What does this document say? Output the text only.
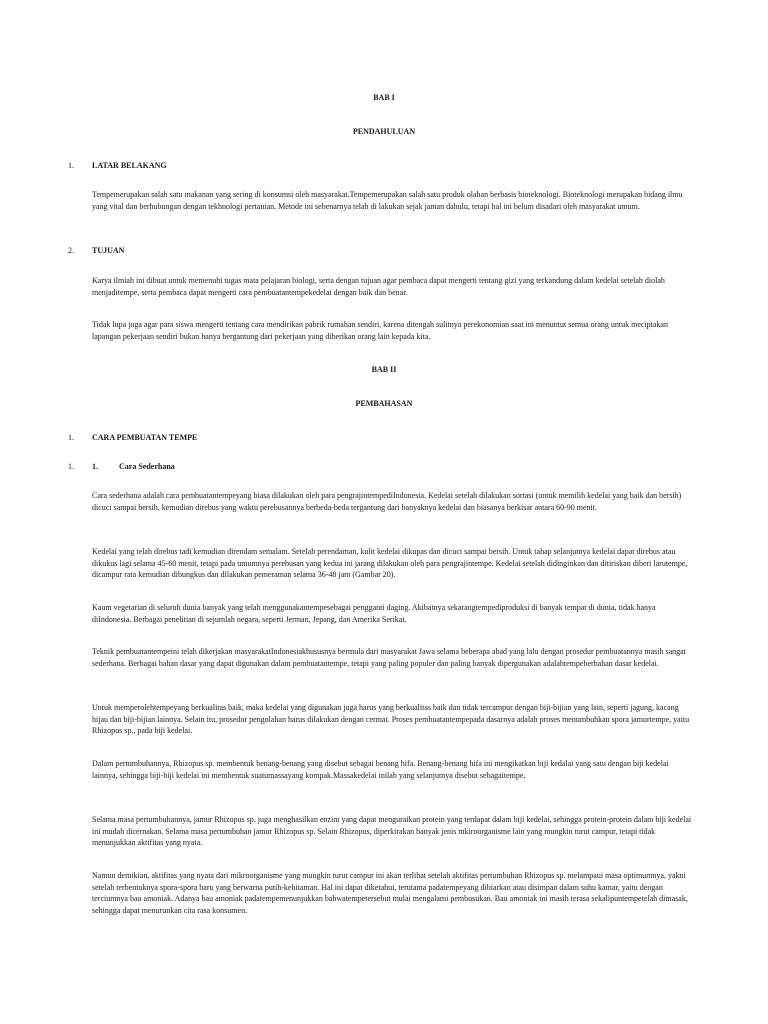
BAB I
PENDAHULUAN
1. LATAR BELAKANG
Tempemerupakan salah satu makanan yang sering di konsumsi oleh masyarakat.Tempemerupakan salah satu produk olahan berbasis bioteknologi. Bioteknologi merupakan bidang ilmu yang vital dan berhubungan dengan tekhnologi pertanian. Metode ini sebenarnya telah di lakukan sejak jaman dahulu, tetapi hal ini belum disadari oleh masyarakat umum.
2. TUJUAN
Karya ilmiah ini dibuat untuk memenuhi tugas mata pelajaran biologi, serta dengan tujuan agar pembaca dapat mengerti tentang gizi yang terkandung dalam kedelai setelah diolah menjaditempe, serta pembaca dapat mengerti cara pembuatantempekedelai dengan baik dan benar.
Tidak lupa juga agar para siswa mengerti tentang cara mendirikan pabrik rumahan sendiri, karena ditengah sulitnya perekonomian saat ini menuntut semua orang untuk meciptakan lapangan pekerjaan sendiri bukan hanya bergantung dari pekerjaan yang diberikan orang lain kepada kita.
BAB II
PEMBAHASAN
1. CARA PEMBUATAN TEMPE
1. 1.	Cara Sederhana
Cara sederhana adalah cara pembuatantempeyang biasa dilakukan oleh para pengrajintempediIndonesia. Kedelai setelah dilakukan sortasi (untuk memilih kedelai yang baik dan bersih) dicuci sampai bersih, kemudian direbus yang waktu perebusannya berbeda-beda tergantung dari banyaknya kedelai dan biasanya berkisar antara 60-90 menit.
Kedelai yang telah direbus tadi kemudian direndam semalam. Setelah perendaman, kulit kedelai dikupas dan dicuci sampai bersih. Untuk tahap selanjutnya kedelai dapat direbus atau dikukus lagi selama 45-60 menit, tetapi pada umumnya perebusan yang kedua ini jarang dilakukan oleh para pengrajintempe. Kedelai setelah didinginkan dan ditiriskan diberi larutempe, dicampur rata kemudian dibungkus dan dilakukan pemeraman selama 36-48 jam (Gambar 20).
Kaum vegetarian di seluruh dunia banyak yang telah menggunakantempesebagai pengganti daging. Akibatnya sekarangtempediproduksi di banyak tempat di dunia, tidak hanya diIndonesia. Berbagai penelitian di sejumlah negara, seperti Jerman, Jepang, dan Amerika Serikat.
Teknik pembuatantempeini telah dikerjakan masyarakatIndonesiakhususnya bermula dari masyarakat Jawa selama beberapa abad yang lalu dengan prosedur pembuatannya masih sangat sederhana. Berbagai bahan dasar yang dapat digunakan dalam pembuatantempe, tetapi yang paling populer dan paling banyak dipergunakan adalahtempeberbahan dasar kedelai.
Untuk memperolehtempeyang berkualitas baik, maka kedelai yang digunakan juga harus yang berkualitas baik dan tidak tercampur dengan biji-bijian yang lain, seperti jagung, kacang hijau dan biji-bijian lainnya. Selain itu, prosedur pengolahan harus dilakukan dengan cermat. Proses pembuatantempepada dasarnya adalah proses menumbuhkan spora jamurtempe, yaitu Rhizopus sp., pada biji kedelai.
Dalam pertumbuhannya, Rhizopus sp. membentuk benang-benang yang disebut sebagai benang hifa. Benang-benang hifa ini mengikatkan biji kedalai yang satu dengan biji kedelai lainnya, sehingga biji-biji kedelai ini membentuk suatumassayang kompak.Massakedelai inilah yang selanjutnya disebut sebagaitempe.
Selama masa pertumbuhannya, jamur Rhizopus sp. juga menghasilkan enzim yang dapat menguraikan protein yang terdapat dalam biji kedelai, sehingga protein-protein dalam biji kedelai ini mudah dicernakan. Selama masa pertumbuhan jamur Rhizopus sp. Selain Rhizopus, diperkirakan banyak jenis mkiroorganisme lain yang mungkin turut campur, tetapi tidak menunjukkan aktifitas yang nyata.
Namun demikian, aktifitas yang nyata dari mikroorganisme yang mungkin turut campur ini akan terlihat setelah aktifitas pertumbuhan Rhizopus sp. melampaui masa optimumnya, yakni setelah terbentuknya spora-spora baru yang berwarna putih-kehitaman. Hal ini dapat diketahui, terutama padatempeyang dibiarkan atau disimpan dalam suhu kamar, yaitu dengan terciumnya bau amoniak. Adanya bau amoniak padatempemenunjukkan bahwatempetersebut mulai mengalami pembusukan. Bau amoniak ini masih terasa sekalipuntempetelah dimasak, sehingga dapat menurunkan cita rasa konsumen.
